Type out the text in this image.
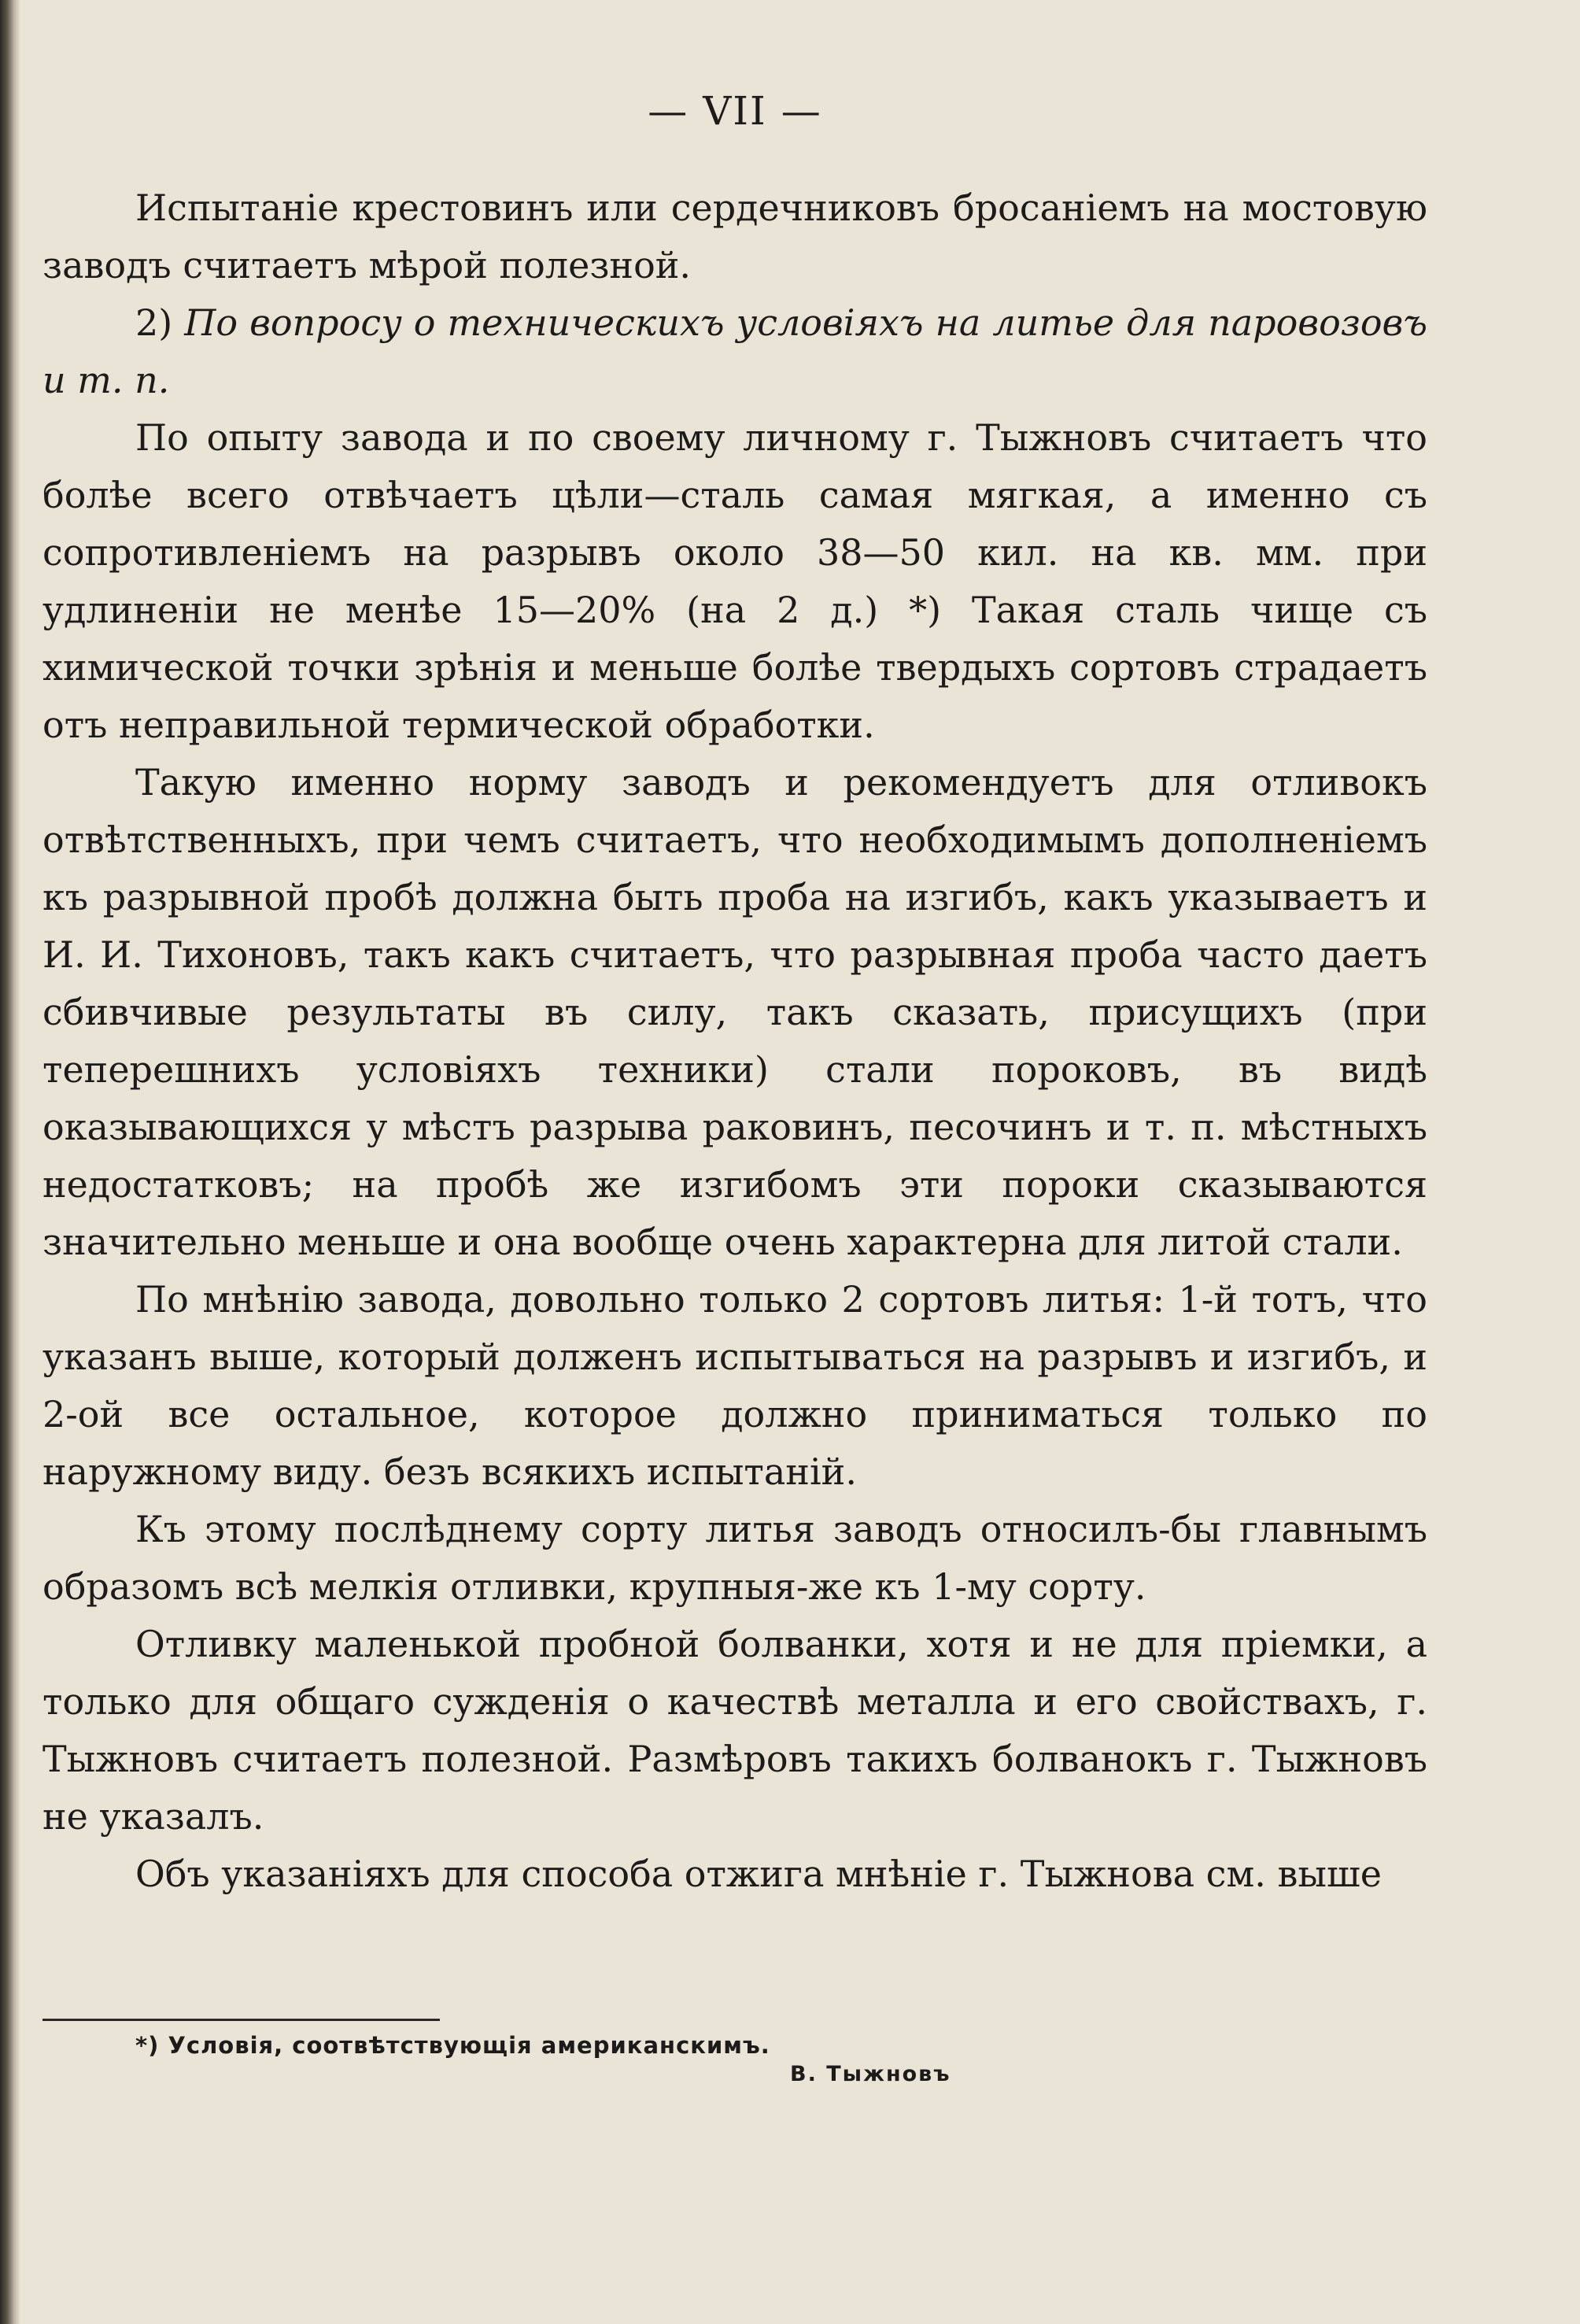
— VII —

Испытаніе крестовинъ или сердечниковъ бросаніемъ на мостовую заводъ считаетъ мѣрой полезной.

2) По вопросу о техническихъ условіяхъ на литье для паровозовъ и т. п.

По опыту завода и по своему личному г. Тыжновъ считаетъ что болѣе всего отвѣчаетъ цѣли—сталь самая мягкая, а именно съ сопротивленіемъ на разрывъ около 38—50 кил. на кв. мм. при удлиненіи не менѣе 15—20% (на 2 д.) *) Такая сталь чище съ химической точки зрѣнія и меньше болѣе твердыхъ сортовъ страдаетъ отъ неправильной термической обработки.

Такую именно норму заводъ и рекомендуетъ для отливокъ отвѣтственныхъ, при чемъ считаетъ, что необходимымъ дополненіемъ къ разрывной пробѣ должна быть проба на изгибъ, какъ указываетъ и И. И. Тихоновъ, такъ какъ считаетъ, что разрывная проба часто даетъ сбивчивые результаты въ силу, такъ сказать, присущихъ (при теперешнихъ условіяхъ техники) стали пороковъ, въ видѣ оказывающихся у мѣстъ разрыва раковинъ, песочинъ и т. п. мѣстныхъ недостатковъ; на пробѣ же изгибомъ эти пороки сказываются значительно меньше и она вообще очень характерна для литой стали.

По мнѣнію завода, довольно только 2 сортовъ литья: 1-й тотъ, что указанъ выше, который долженъ испытываться на разрывъ и изгибъ, и 2-ой все остальное, которое должно приниматься только по наружному виду. безъ всякихъ испытаній.

Къ этому послѣднему сорту литья заводъ относилъ-бы главнымъ образомъ всѣ мелкія отливки, крупныя-же къ 1-му сорту.

Отливку маленькой пробной болванки, хотя и не для пріемки, а только для общаго сужденія о качествѣ металла и его свойствахъ, г. Тыжновъ считаетъ полезной. Размѣровъ такихъ болванокъ г. Тыжновъ не указалъ.

Объ указаніяхъ для способа отжига мнѣніе г. Тыжнова см. выше

*) Условія, соотвѣтствующія американскимъ.
В. Тыжновъ
